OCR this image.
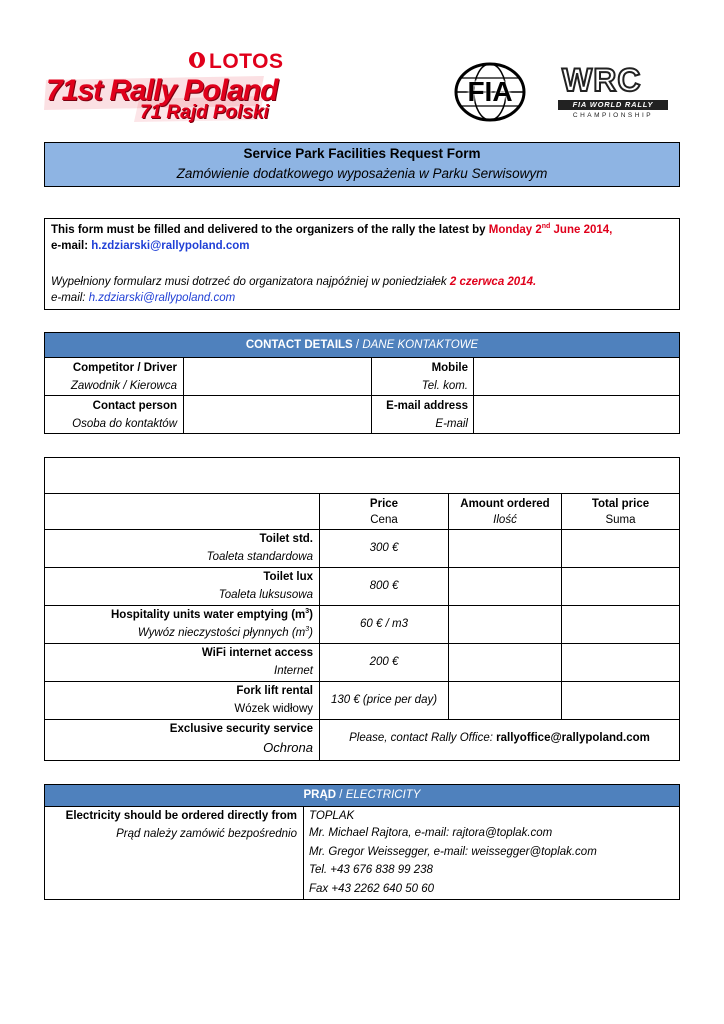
LOTOS
71st Rally Poland
71 Rajd Polski
FIA	WRC
FIA WORLD RALLY
CHAMPIONSHIP
Service Park Facilities Request Form
Zamówienie dodatkowego wyposażenia w Parku Serwisowym
This form must be filled and delivered to the organizers of the rally the latest by Monday 2nd June 2014,
e-mail: h.zdziarski@rallypoland.com
Wypełniony formularz musi dotrzeć do organizatora najpóźniej w poniedziałek 2 czerwca 2014.
e-mail: h.zdziarski@rallypoland.com
CONTACT DETAILS / DANE KONTAKTOWE
Competitor / Driver
Zawodnik / Kierowca
Mobile
Tel. kom.
Contact person
Osoba do kontaktów
E-mail address
E-mail
Price
Cena
Amount ordered
Ilość
Total price
Suma
Toilet std.
Toaleta standardowa
300 €
Toilet lux
Toaleta luksusowa
800 €
Hospitality units water emptying $(m^3)$
Wywóz nieczystości płynnych $(m^3)$
60 € / m3
WiFi internet access
Internet
200 €
Fork lift rental
Wózek widłowy
130 € (price per day)
Exclusive security service
Ochrona
Please, contact Rally Office: rallyoffice@rallypoland.com
PRĄD / ELECTRICITY
Electricity should be ordered directly from
Prąd należy zamówić bezpośrednio
TOPLAK
Mr. Michael Rajtora, e-mail: rajtora@toplak.com
Mr. Gregor Weissegger, e-mail: weissegger@toplak.com
Tel. +43 676 838 99 238
Fax +43 2262 640 50 60
